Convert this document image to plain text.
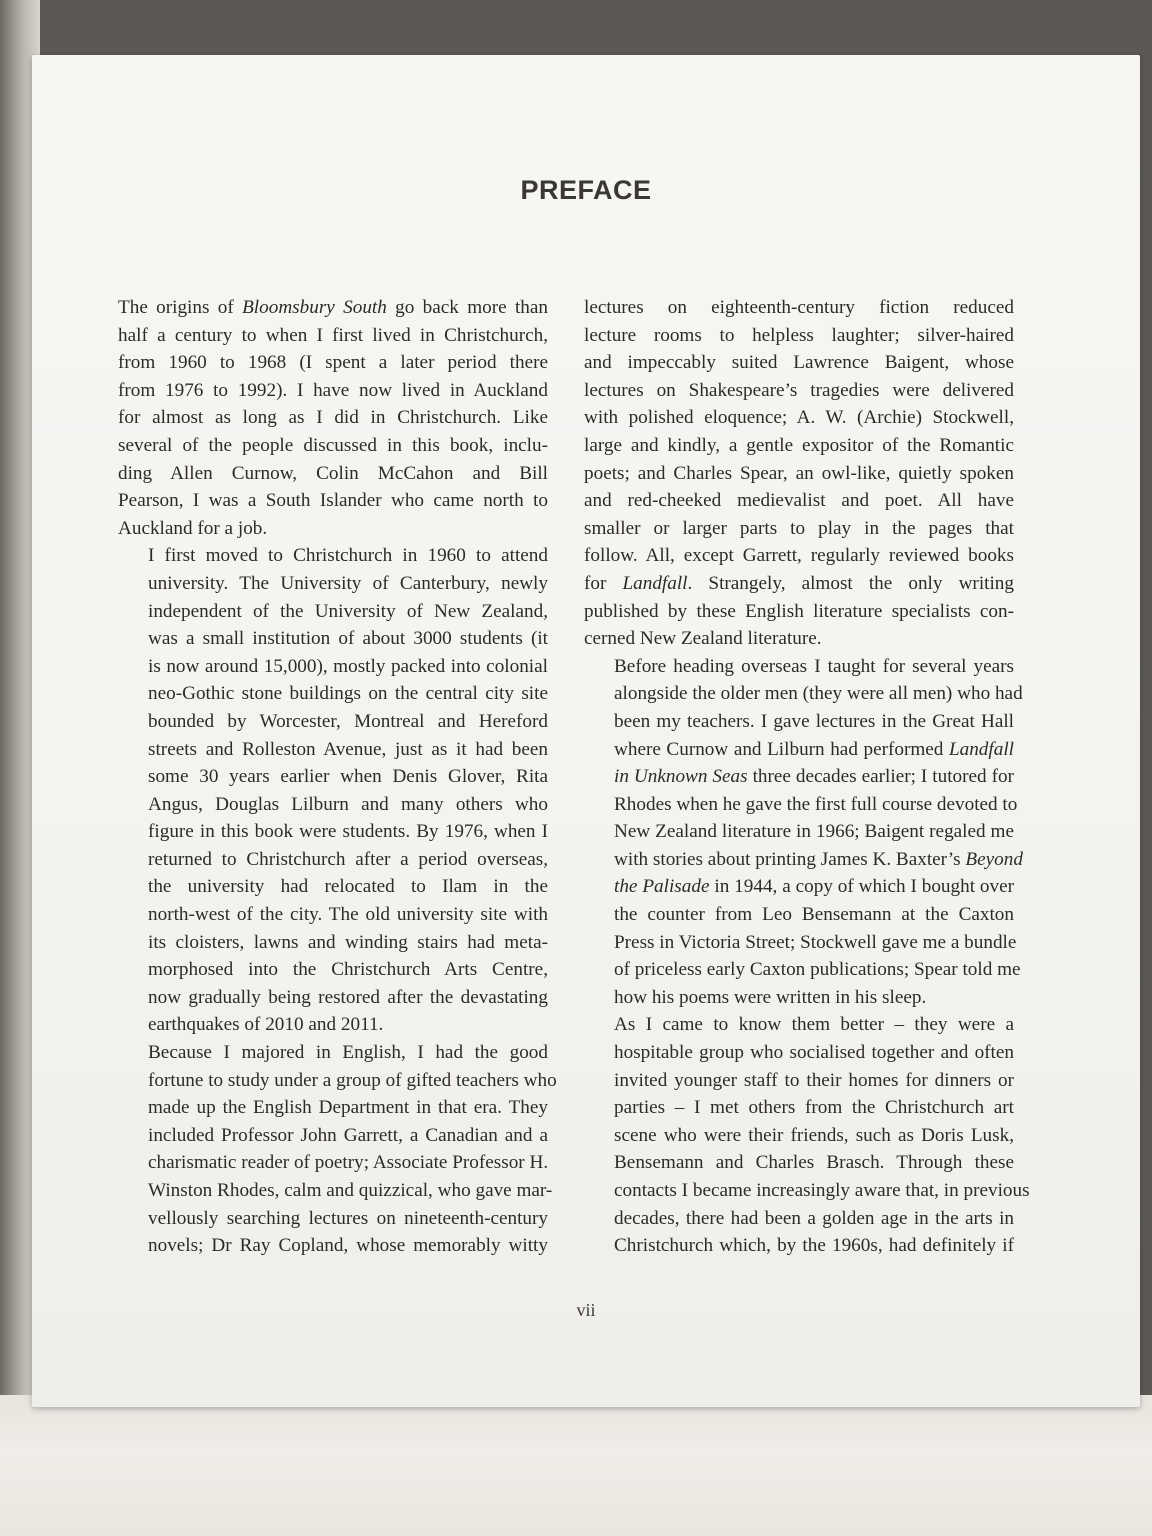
PREFACE

The origins of Bloomsbury South go back more than
half a century to when I first lived in Christchurch,
from 1960 to 1968 (I spent a later period there
from 1976 to 1992). I have now lived in Auckland
for almost as long as I did in Christchurch. Like
several of the people discussed in this book, inclu-
ding Allen Curnow, Colin McCahon and Bill
Pearson, I was a South Islander who came north to
Auckland for a job.

I first moved to Christchurch in 1960 to attend
university. The University of Canterbury, newly
independent of the University of New Zealand,
was a small institution of about 3000 students (it
is now around 15,000), mostly packed into colonial
neo-Gothic stone buildings on the central city site
bounded by Worcester, Montreal and Hereford
streets and Rolleston Avenue, just as it had been
some 30 years earlier when Denis Glover, Rita
Angus, Douglas Lilburn and many others who
figure in this book were students. By 1976, when I
returned to Christchurch after a period overseas,
the university had relocated to Ilam in the
north-west of the city. The old university site with
its cloisters, lawns and winding stairs had meta-
morphosed into the Christchurch Arts Centre,
now gradually being restored after the devastating
earthquakes of 2010 and 2011.

Because I majored in English, I had the good
fortune to study under a group of gifted teachers who
made up the English Department in that era. They
included Professor John Garrett, a Canadian and a
charismatic reader of poetry; Associate Professor H.
Winston Rhodes, calm and quizzical, who gave mar-
vellously searching lectures on nineteenth-century
novels; Dr Ray Copland, whose memorably witty

lectures on eighteenth-century fiction reduced
lecture rooms to helpless laughter; silver-haired
and impeccably suited Lawrence Baigent, whose
lectures on Shakespeare’s tragedies were delivered
with polished eloquence; A. W. (Archie) Stockwell,
large and kindly, a gentle expositor of the Romantic
poets; and Charles Spear, an owl-like, quietly spoken
and red-cheeked medievalist and poet. All have
smaller or larger parts to play in the pages that
follow. All, except Garrett, regularly reviewed books
for Landfall. Strangely, almost the only writing
published by these English literature specialists con-
cerned New Zealand literature.

Before heading overseas I taught for several years
alongside the older men (they were all men) who had
been my teachers. I gave lectures in the Great Hall
where Curnow and Lilburn had performed Landfall
in Unknown Seas three decades earlier; I tutored for
Rhodes when he gave the first full course devoted to
New Zealand literature in 1966; Baigent regaled me
with stories about printing James K. Baxter’s Beyond
the Palisade in 1944, a copy of which I bought over
the counter from Leo Bensemann at the Caxton
Press in Victoria Street; Stockwell gave me a bundle
of priceless early Caxton publications; Spear told me
how his poems were written in his sleep.

As I came to know them better – they were a
hospitable group who socialised together and often
invited younger staff to their homes for dinners or
parties – I met others from the Christchurch art
scene who were their friends, such as Doris Lusk,
Bensemann and Charles Brasch. Through these
contacts I became increasingly aware that, in previous
decades, there had been a golden age in the arts in
Christchurch which, by the 1960s, had definitely if

vii
